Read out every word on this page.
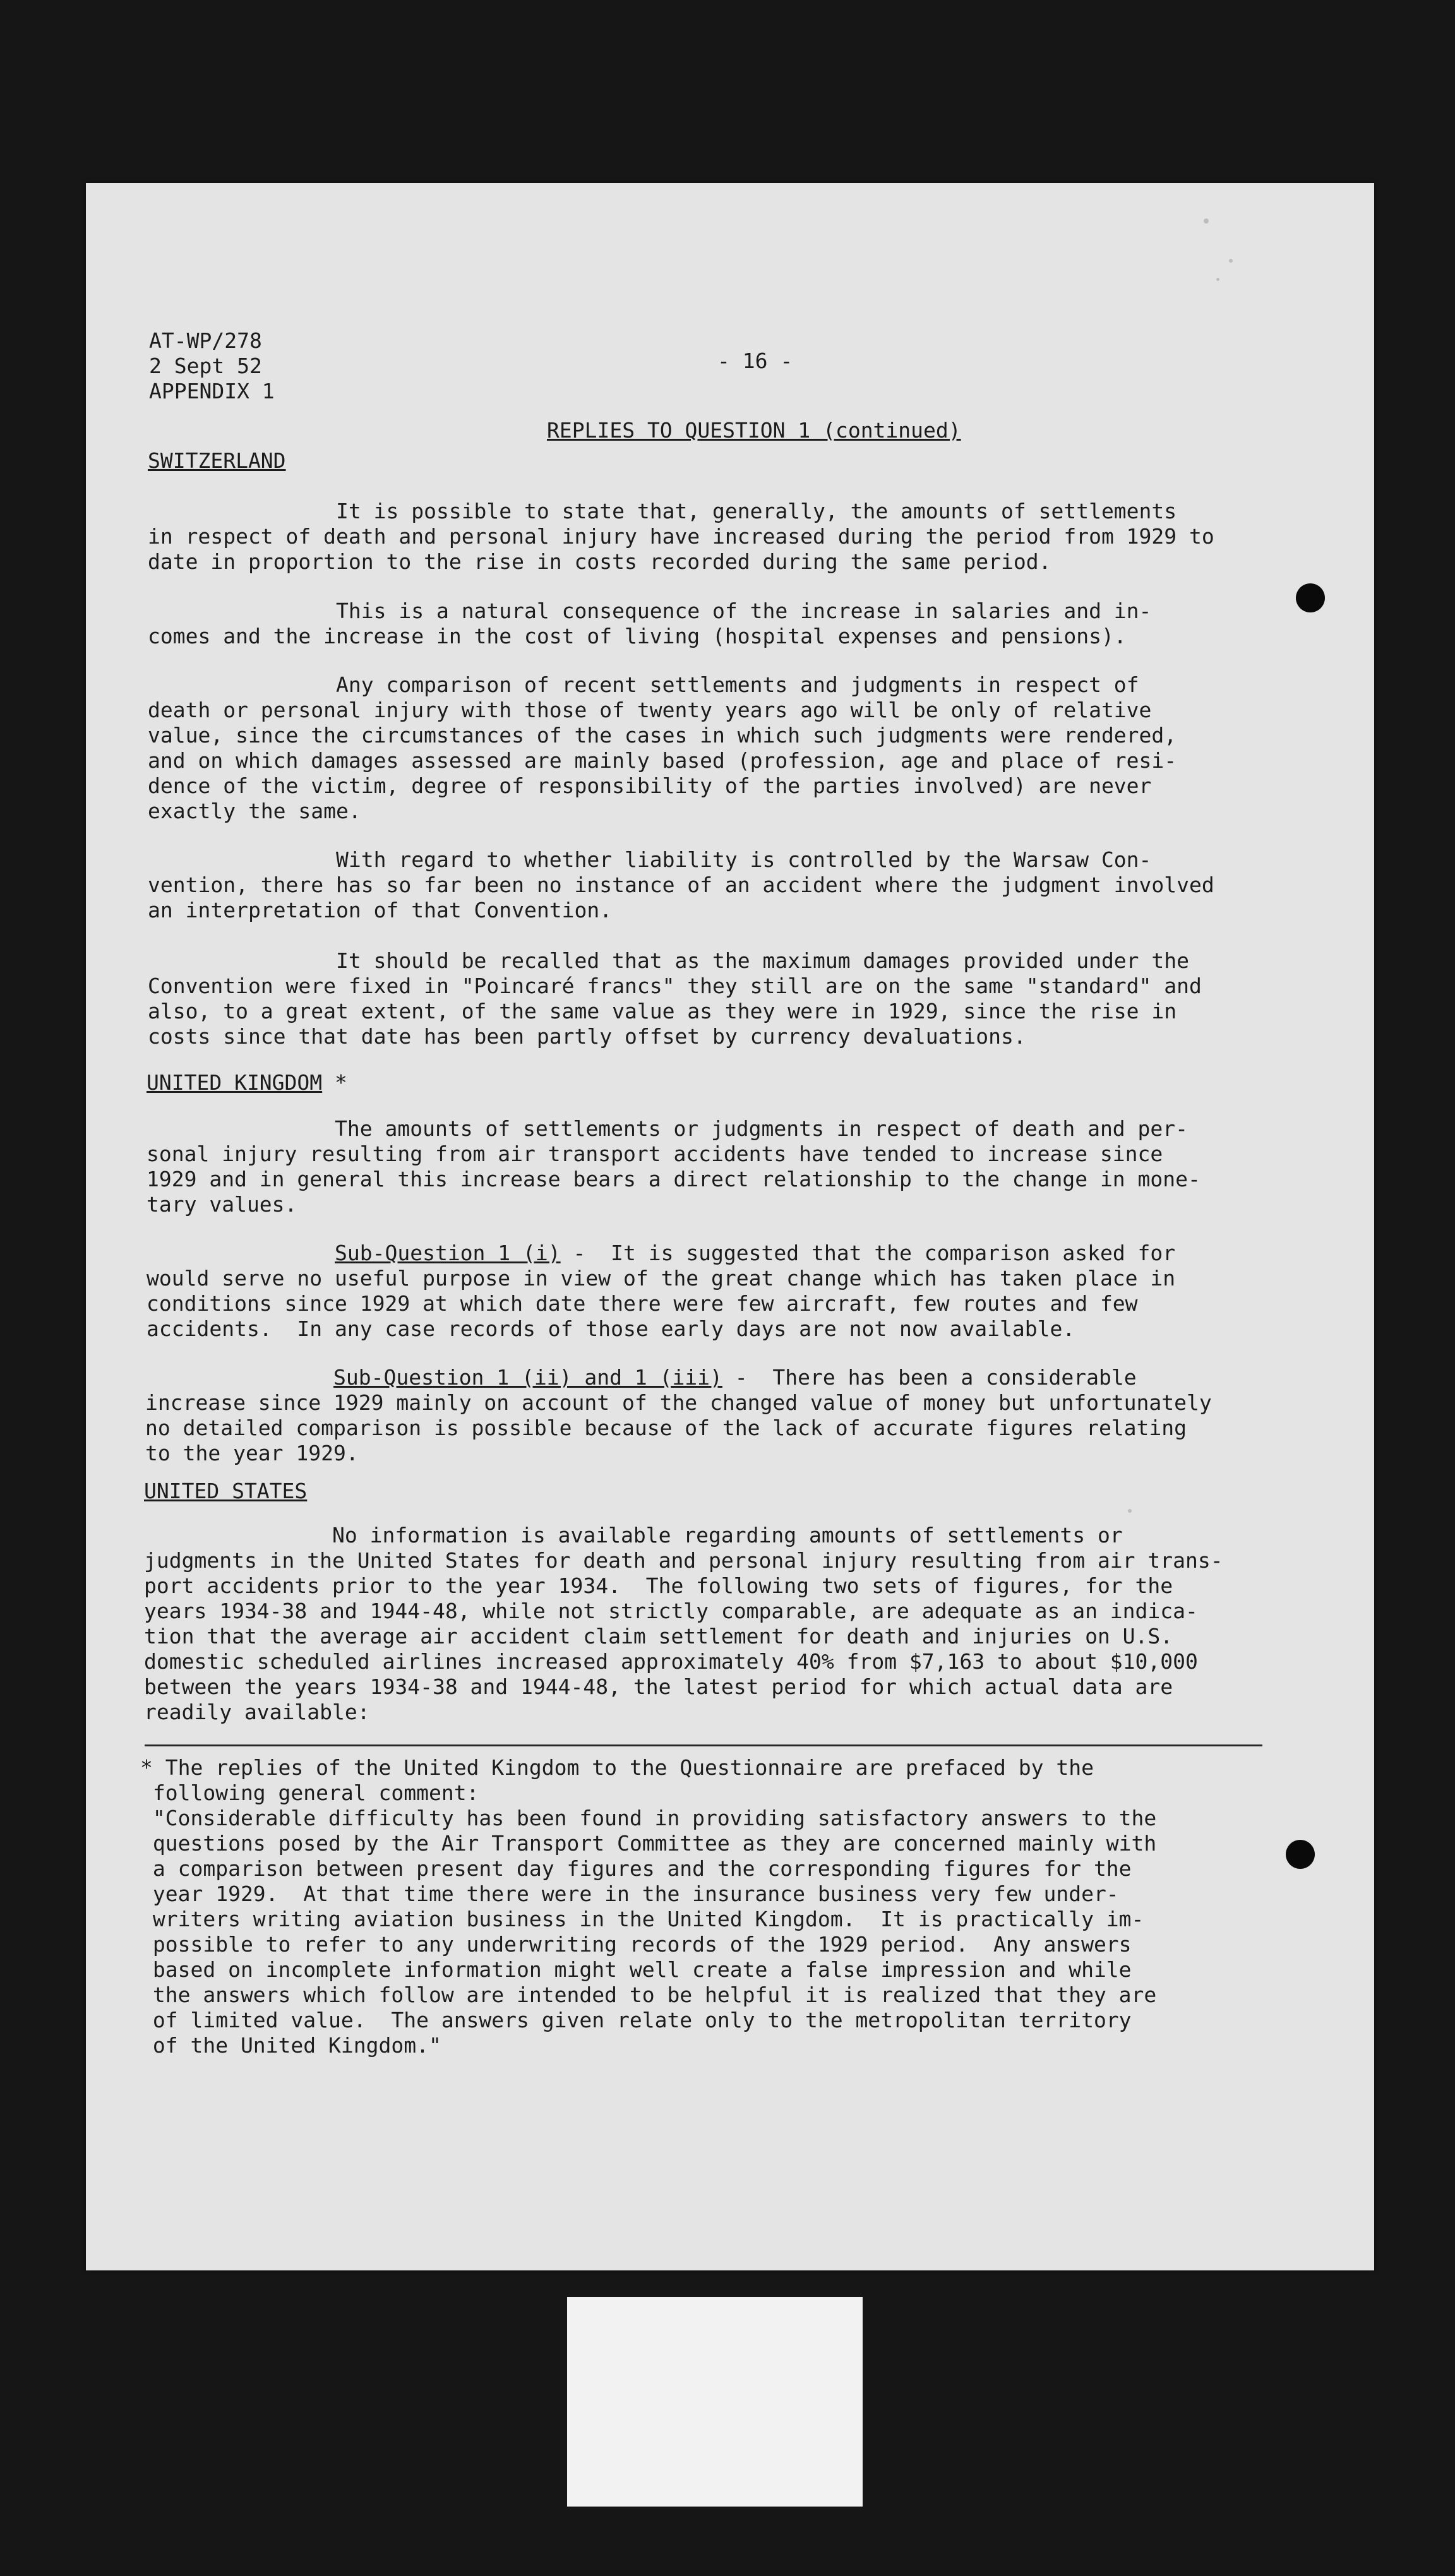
AT-WP/278
2 Sept 52
APPENDIX 1
- 16 -
REPLIES TO QUESTION 1 (continued)
SWITZERLAND
It is possible to state that, generally, the amounts of settlements
in respect of death and personal injury have increased during the period from 1929 to
date in proportion to the rise in costs recorded during the same period.
This is a natural consequence of the increase in salaries and in-
comes and the increase in the cost of living (hospital expenses and pensions).
Any comparison of recent settlements and judgments in respect of
death or personal injury with those of twenty years ago will be only of relative
value, since the circumstances of the cases in which such judgments were rendered,
and on which damages assessed are mainly based (profession, age and place of resi-
dence of the victim, degree of responsibility of the parties involved) are never
exactly the same.
With regard to whether liability is controlled by the Warsaw Con-
vention, there has so far been no instance of an accident where the judgment involved
an interpretation of that Convention.
It should be recalled that as the maximum damages provided under the
Convention were fixed in "Poincaré francs" they still are on the same "standard" and
also, to a great extent, of the same value as they were in 1929, since the rise in
costs since that date has been partly offset by currency devaluations.
UNITED KINGDOM *
The amounts of settlements or judgments in respect of death and per-
sonal injury resulting from air transport accidents have tended to increase since
1929 and in general this increase bears a direct relationship to the change in mone-
tary values.
Sub-Question 1 (i) -  It is suggested that the comparison asked for
would serve no useful purpose in view of the great change which has taken place in
conditions since 1929 at which date there were few aircraft, few routes and few
accidents.  In any case records of those early days are not now available.
Sub-Question 1 (ii) and 1 (iii) -  There has been a considerable
increase since 1929 mainly on account of the changed value of money but unfortunately
no detailed comparison is possible because of the lack of accurate figures relating
to the year 1929.
UNITED STATES
No information is available regarding amounts of settlements or
judgments in the United States for death and personal injury resulting from air trans-
port accidents prior to the year 1934.  The following two sets of figures, for the
years 1934-38 and 1944-48, while not strictly comparable, are adequate as an indica-
tion that the average air accident claim settlement for death and injuries on U.S.
domestic scheduled airlines increased approximately 40% from $7,163 to about $10,000
between the years 1934-38 and 1944-48, the latest period for which actual data are
readily available:
* The replies of the United Kingdom to the Questionnaire are prefaced by the
following general comment:
"Considerable difficulty has been found in providing satisfactory answers to the
questions posed by the Air Transport Committee as they are concerned mainly with
a comparison between present day figures and the corresponding figures for the
year 1929.  At that time there were in the insurance business very few under-
writers writing aviation business in the United Kingdom.  It is practically im-
possible to refer to any underwriting records of the 1929 period.  Any answers
based on incomplete information might well create a false impression and while
the answers which follow are intended to be helpful it is realized that they are
of limited value.  The answers given relate only to the metropolitan territory
of the United Kingdom."
